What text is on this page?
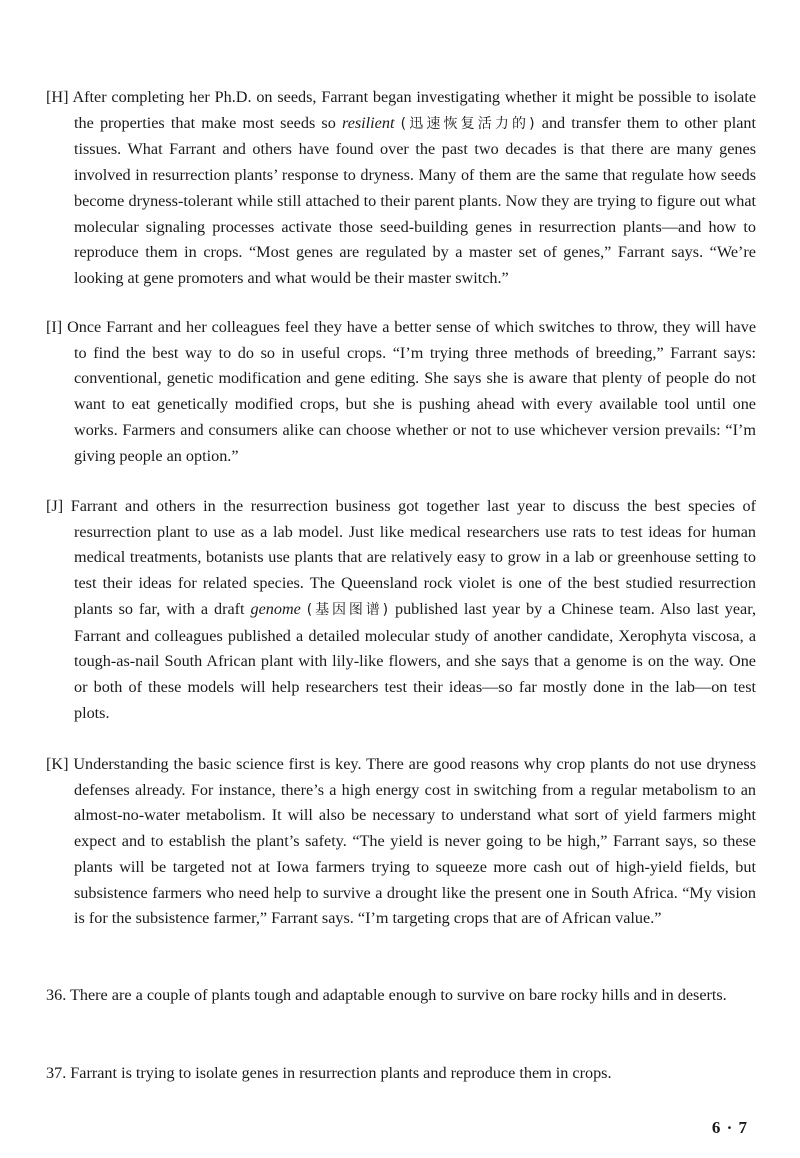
[H] After completing her Ph.D. on seeds, Farrant began investigating whether it might be possible to isolate the properties that make most seeds so resilient (迅速恢复活力的) and transfer them to other plant tissues. What Farrant and others have found over the past two decades is that there are many genes involved in resurrection plants’ response to dryness. Many of them are the same that regulate how seeds become dryness-tolerant while still attached to their parent plants. Now they are trying to figure out what molecular signaling processes activate those seed-building genes in resurrection plants—and how to reproduce them in crops. “Most genes are regulated by a master set of genes,” Farrant says. “We’re looking at gene promoters and what would be their master switch.”

[I] Once Farrant and her colleagues feel they have a better sense of which switches to throw, they will have to find the best way to do so in useful crops. “I’m trying three methods of breeding,” Farrant says: conventional, genetic modification and gene editing. She says she is aware that plenty of people do not want to eat genetically modified crops, but she is pushing ahead with every available tool until one works. Farmers and consumers alike can choose whether or not to use whichever version prevails: “I’m giving people an option.”

[J] Farrant and others in the resurrection business got together last year to discuss the best species of resurrection plant to use as a lab model. Just like medical researchers use rats to test ideas for human medical treatments, botanists use plants that are relatively easy to grow in a lab or greenhouse setting to test their ideas for related species. The Queensland rock violet is one of the best studied resurrection plants so far, with a draft genome (基因图谱) published last year by a Chinese team. Also last year, Farrant and colleagues published a detailed molecular study of another candidate, Xerophyta viscosa, a tough-as-nail South African plant with lily-like flowers, and she says that a genome is on the way. One or both of these models will help researchers test their ideas—so far mostly done in the lab—on test plots.

[K] Understanding the basic science first is key. There are good reasons why crop plants do not use dryness defenses already. For instance, there’s a high energy cost in switching from a regular metabolism to an almost-no-water metabolism. It will also be necessary to understand what sort of yield farmers might expect and to establish the plant’s safety. “The yield is never going to be high,” Farrant says, so these plants will be targeted not at Iowa farmers trying to squeeze more cash out of high-yield fields, but subsistence farmers who need help to survive a drought like the present one in South Africa. “My vision is for the subsistence farmer,” Farrant says. “I’m targeting crops that are of African value.”

36. There are a couple of plants tough and adaptable enough to survive on bare rocky hills and in deserts.

37. Farrant is trying to isolate genes in resurrection plants and reproduce them in crops.

6 · 7
